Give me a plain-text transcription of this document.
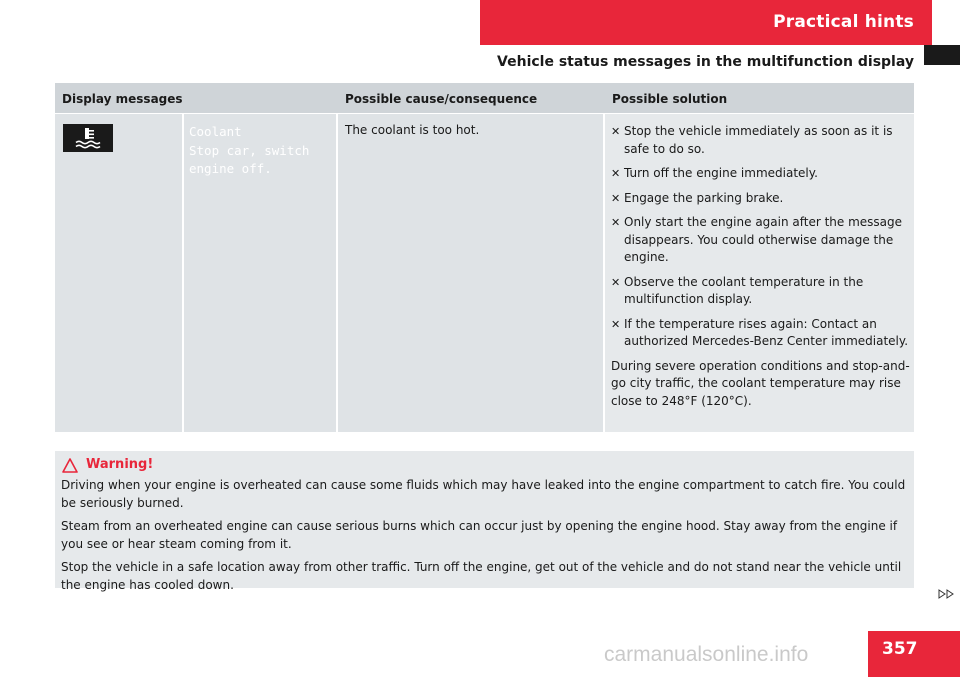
Practical hints
Vehicle status messages in the multifunction display
Display messages	Possible cause/consequence	Possible solution
Coolant
Stop car, switch
engine off.
The coolant is too hot.	✕ Stop the vehicle immediately as soon as it is safe to do so.
✕ Turn off the engine immediately.
✕ Engage the parking brake.
✕ Only start the engine again after the message disappears. You could otherwise damage the engine.
✕ Observe the coolant temperature in the multifunction display.
✕ If the temperature rises again: Contact an authorized Mercedes-Benz Center immediately.
During severe operation conditions and stop-and-go city traffic, the coolant temperature may rise close to 248°F (120°C).
Warning!
Driving when your engine is overheated can cause some fluids which may have leaked into the engine compartment to catch fire. You could be seriously burned.
Steam from an overheated engine can cause serious burns which can occur just by opening the engine hood. Stay away from the engine if you see or hear steam coming from it.
Stop the vehicle in a safe location away from other traffic. Turn off the engine, get out of the vehicle and do not stand near the vehicle until the engine has cooled down.
357
carmanualsonline.info
